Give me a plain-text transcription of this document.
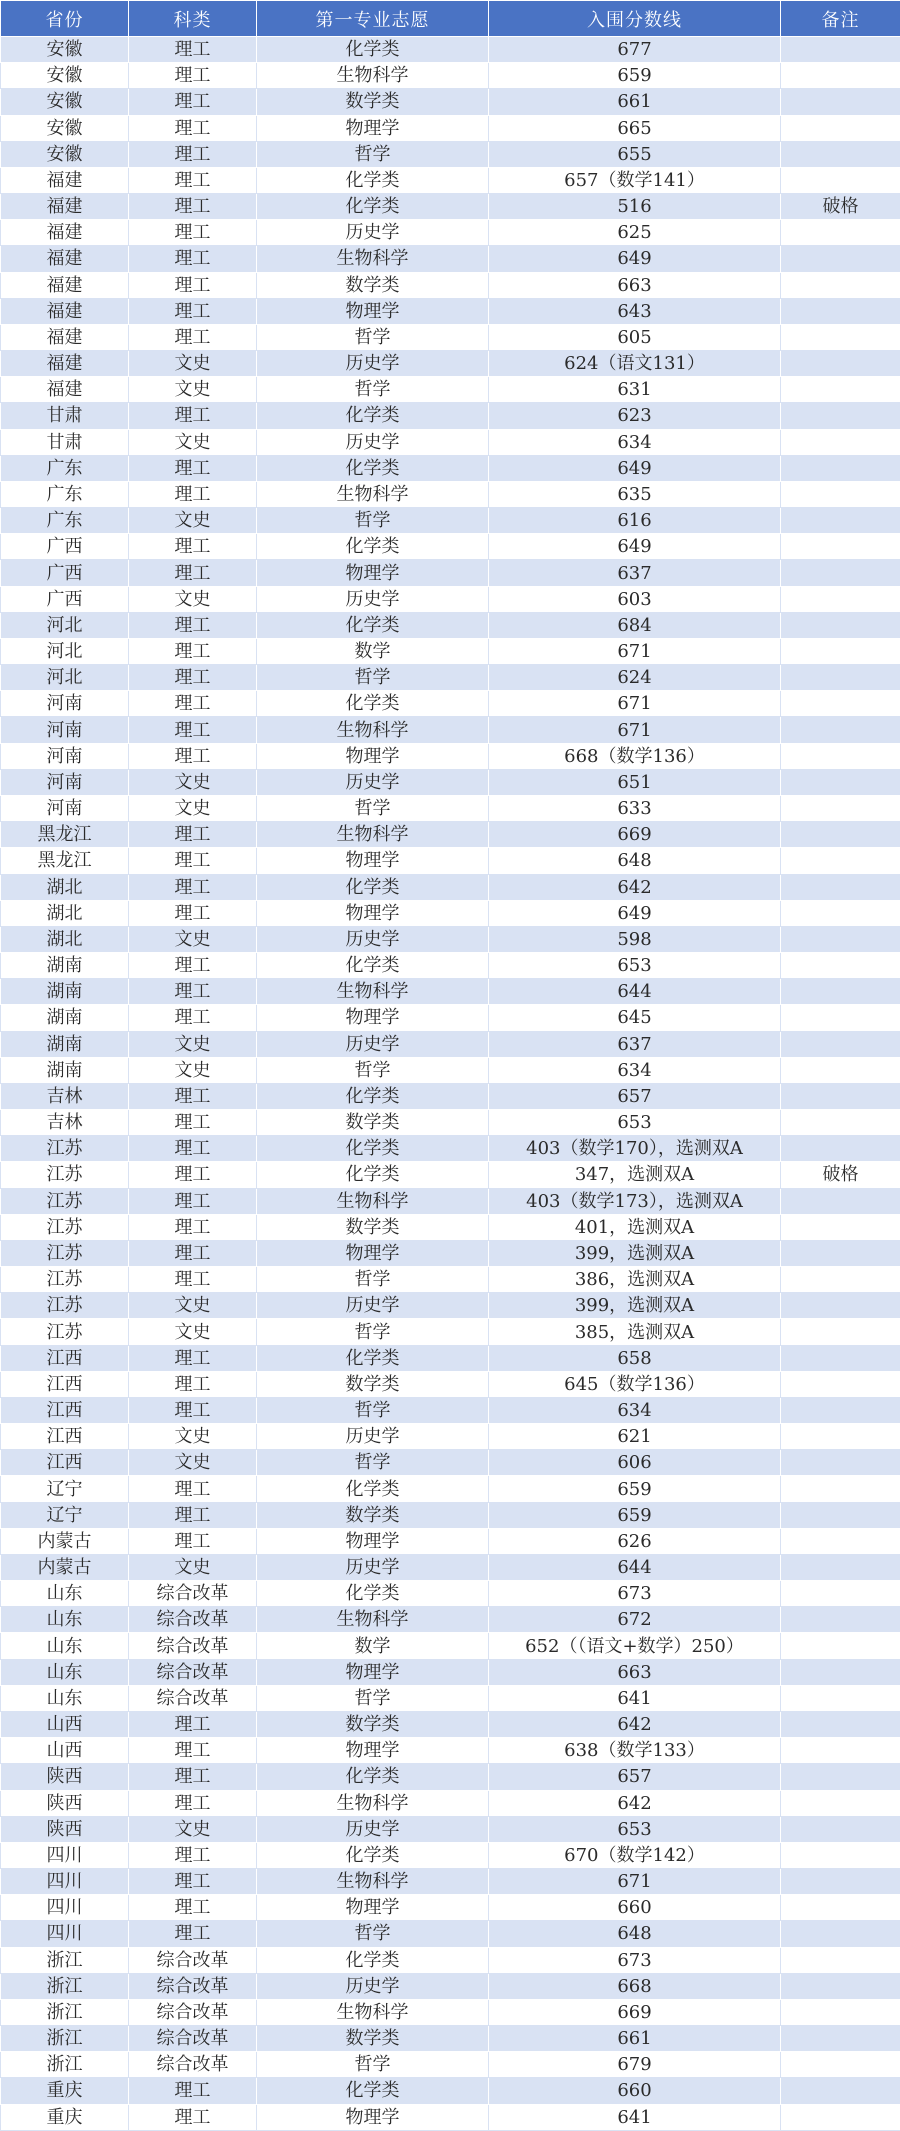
省份	科类	第一专业志愿	入围分数线	备注
安徽	理工	化学类	677	
安徽	理工	生物科学	659	
安徽	理工	数学类	661	
安徽	理工	物理学	665	
安徽	理工	哲学	655	
福建	理工	化学类	657（数学141）	
福建	理工	化学类	516	破格
福建	理工	历史学	625	
福建	理工	生物科学	649	
福建	理工	数学类	663	
福建	理工	物理学	643	
福建	理工	哲学	605	
福建	文史	历史学	624（语文131）	
福建	文史	哲学	631	
甘肃	理工	化学类	623	
甘肃	文史	历史学	634	
广东	理工	化学类	649	
广东	理工	生物科学	635	
广东	文史	哲学	616	
广西	理工	化学类	649	
广西	理工	物理学	637	
广西	文史	历史学	603	
河北	理工	化学类	684	
河北	理工	数学	671	
河北	理工	哲学	624	
河南	理工	化学类	671	
河南	理工	生物科学	671	
河南	理工	物理学	668（数学136）	
河南	文史	历史学	651	
河南	文史	哲学	633	
黑龙江	理工	生物科学	669	
黑龙江	理工	物理学	648	
湖北	理工	化学类	642	
湖北	理工	物理学	649	
湖北	文史	历史学	598	
湖南	理工	化学类	653	
湖南	理工	生物科学	644	
湖南	理工	物理学	645	
湖南	文史	历史学	637	
湖南	文史	哲学	634	
吉林	理工	化学类	657	
吉林	理工	数学类	653	
江苏	理工	化学类	403（数学170），选测双A	
江苏	理工	化学类	347，选测双A	破格
江苏	理工	生物科学	403（数学173），选测双A	
江苏	理工	数学类	401，选测双A	
江苏	理工	物理学	399，选测双A	
江苏	理工	哲学	386，选测双A	
江苏	文史	历史学	399，选测双A	
江苏	文史	哲学	385，选测双A	
江西	理工	化学类	658	
江西	理工	数学类	645（数学136）	
江西	理工	哲学	634	
江西	文史	历史学	621	
江西	文史	哲学	606	
辽宁	理工	化学类	659	
辽宁	理工	数学类	659	
内蒙古	理工	物理学	626	
内蒙古	文史	历史学	644	
山东	综合改革	化学类	673	
山东	综合改革	生物科学	672	
山东	综合改革	数学	652（（语文+数学）250）	
山东	综合改革	物理学	663	
山东	综合改革	哲学	641	
山西	理工	数学类	642	
山西	理工	物理学	638（数学133）	
陕西	理工	化学类	657	
陕西	理工	生物科学	642	
陕西	文史	历史学	653	
四川	理工	化学类	670（数学142）	
四川	理工	生物科学	671	
四川	理工	物理学	660	
四川	理工	哲学	648	
浙江	综合改革	化学类	673	
浙江	综合改革	历史学	668	
浙江	综合改革	生物科学	669	
浙江	综合改革	数学类	661	
浙江	综合改革	哲学	679	
重庆	理工	化学类	660	
重庆	理工	物理学	641	
